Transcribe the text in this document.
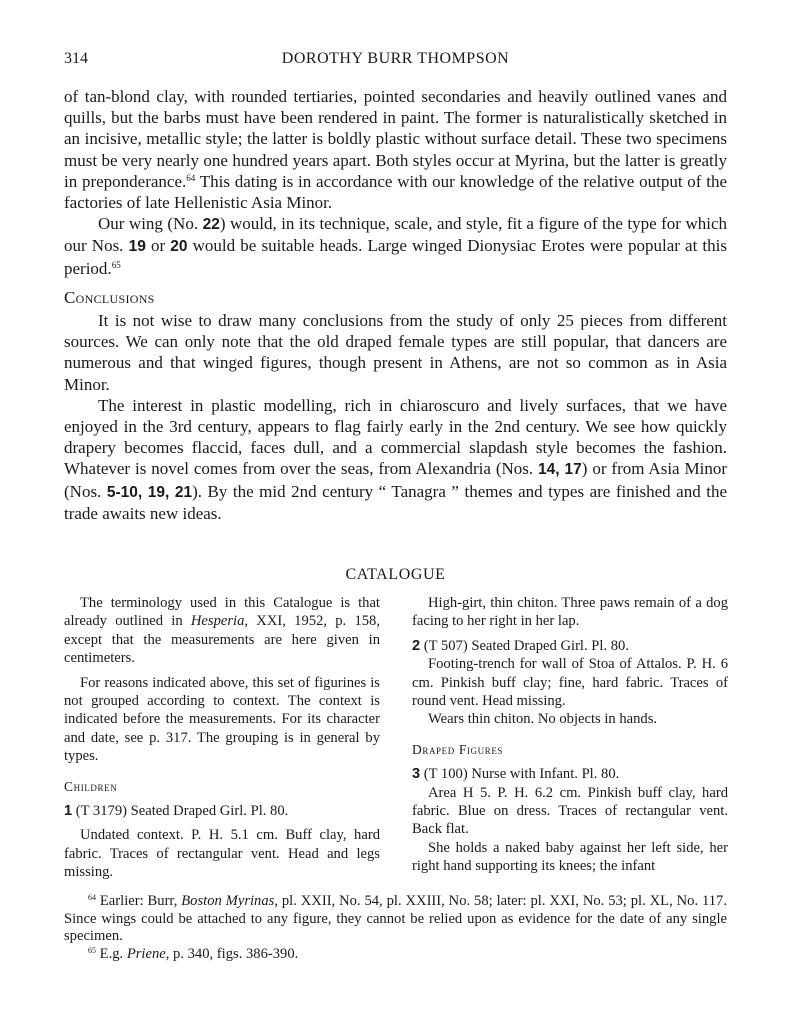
314	DOROTHY BURR THOMPSON

of tan-blond clay, with rounded tertiaries, pointed secondaries and heavily outlined vanes and quills, but the barbs must have been rendered in paint. The former is naturalistically sketched in an incisive, metallic style; the latter is boldly plastic without surface detail. These two specimens must be very nearly one hundred years apart. Both styles occur at Myrina, but the latter is greatly in preponderance.$^{64}$ This dating is in accordance with our knowledge of the relative output of the factories of late Hellenistic Asia Minor.

Our wing (No. 22) would, in its technique, scale, and style, fit a figure of the type for which our Nos. 19 or 20 would be suitable heads. Large winged Dionysiac Erotes were popular at this period.$^{65}$

Conclusions

It is not wise to draw many conclusions from the study of only 25 pieces from different sources. We can only note that the old draped female types are still popular, that dancers are numerous and that winged figures, though present in Athens, are not so common as in Asia Minor.

The interest in plastic modelling, rich in chiaroscuro and lively surfaces, that we have enjoyed in the 3rd century, appears to flag fairly early in the 2nd century. We see how quickly drapery becomes flaccid, faces dull, and a commercial slapdash style becomes the fashion. Whatever is novel comes from over the seas, from Alexandria (Nos. 14, 17) or from Asia Minor (Nos. 5-10, 19, 21). By the mid 2nd century “ Tanagra ” themes and types are finished and the trade awaits new ideas.

CATALOGUE

The terminology used in this Catalogue is that already outlined in Hesperia, XXI, 1952, p. 158, except that the measurements are here given in centimeters.

For reasons indicated above, this set of figurines is not grouped according to context. The context is indicated before the measurements. For its character and date, see p. 317. The grouping is in general by types.

Children

1 (T 3179) Seated Draped Girl. Pl. 80.

Undated context. P. H. 5.1 cm. Buff clay, hard fabric. Traces of rectangular vent. Head and legs missing.

High-girt, thin chiton. Three paws remain of a dog facing to her right in her lap.

2 (T 507) Seated Draped Girl. Pl. 80.

Footing-trench for wall of Stoa of Attalos. P. H. 6 cm. Pinkish buff clay; fine, hard fabric. Traces of round vent. Head missing.

Wears thin chiton. No objects in hands.

Draped Figures

3 (T 100) Nurse with Infant. Pl. 80.

Area H 5. P. H. 6.2 cm. Pinkish buff clay, hard fabric. Blue on dress. Traces of rectangular vent. Back flat.

She holds a naked baby against her left side, her right hand supporting its knees; the infant

$^{64}$ Earlier: Burr, Boston Myrinas, pl. XXII, No. 54, pl. XXIII, No. 58; later: pl. XXI, No. 53; pl. XL, No. 117. Since wings could be attached to any figure, they cannot be relied upon as evidence for the date of any single specimen.

$^{65}$ E.g. Priene, p. 340, figs. 386-390.
